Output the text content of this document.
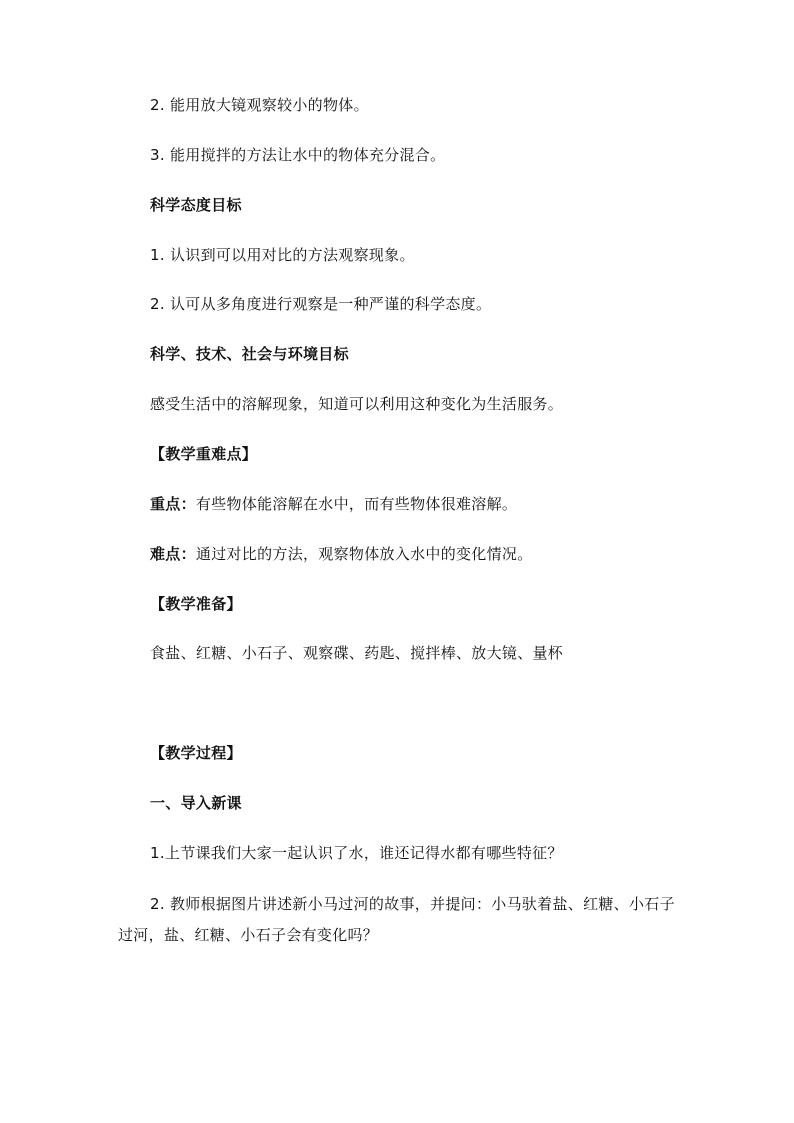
2. 能用放大镜观察较小的物体。
3. 能用搅拌的方法让水中的物体充分混合。
科学态度目标
1. 认识到可以用对比的方法观察现象。
2. 认可从多角度进行观察是一种严谨的科学态度。
科学、技术、社会与环境目标
感受生活中的溶解现象，知道可以利用这种变化为生活服务。
【教学重难点】
重点：有些物体能溶解在水中，而有些物体很难溶解。
难点：通过对比的方法，观察物体放入水中的变化情况。
【教学准备】
食盐、红糖、小石子、观察碟、药匙、搅拌棒、放大镜、量杯
【教学过程】
一、导入新课
1.上节课我们大家一起认识了水，谁还记得水都有哪些特征？
2. 教师根据图片讲述新小马过河的故事，并提问：小马驮着盐、红糖、小石子过河，盐、红糖、小石子会有变化吗？
